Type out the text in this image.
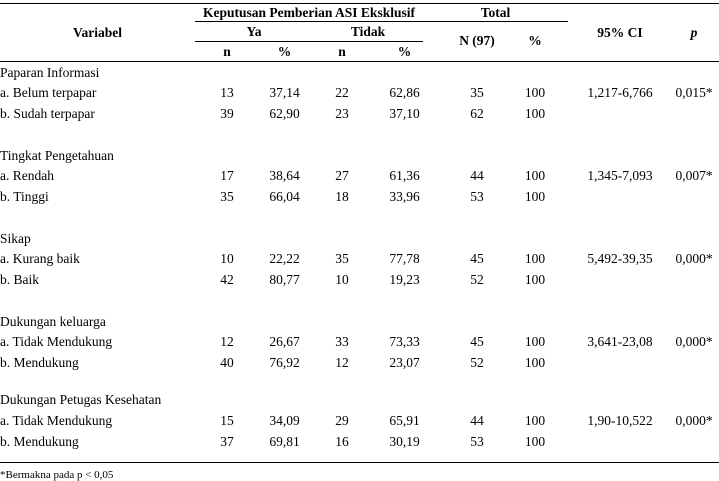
Variabel
Keputusan Pemberian ASI Eksklusif	Total
Ya	Tidak
n	%	n	%
N (97)	%
95% CI	p
Paparan Informasi
a. Belum terpapar	13	37,14	22	62,86	35	100	1,217-6,766	0,015*
b. Sudah terpapar	39	62,90	23	37,10	62	100
Tingkat Pengetahuan
a. Rendah	17	38,64	27	61,36	44	100	1,345-7,093	0,007*
b. Tinggi	35	66,04	18	33,96	53	100
Sikap
a. Kurang baik	10	22,22	35	77,78	45	100	5,492-39,35	0,000*
b. Baik	42	80,77	10	19,23	52	100
Dukungan keluarga
a. Tidak Mendukung	12	26,67	33	73,33	45	100	3,641-23,08	0,000*
b. Mendukung	40	76,92	12	23,07	52	100
Dukungan Petugas Kesehatan
a. Tidak Mendukung	15	34,09	29	65,91	44	100	1,90-10,522	0,000*
b. Mendukung	37	69,81	16	30,19	53	100
*Bermakna pada p < 0,05
